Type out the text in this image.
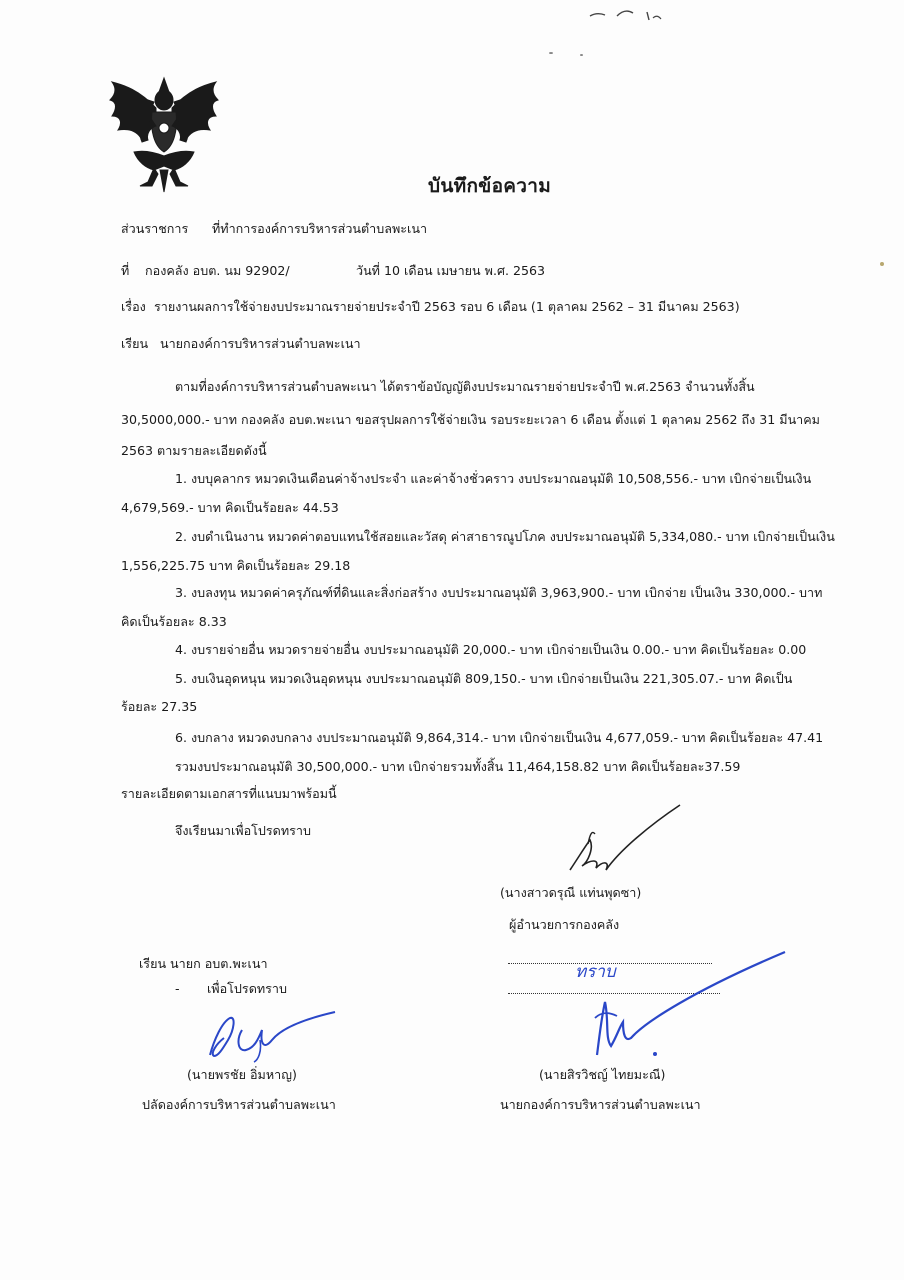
บันทึกข้อความ
ส่วนราชการ ที่ทำการองค์การบริหารส่วนตำบลพะเนา
ที่ กองคลัง อบต. นม 92902/	วันที่ 10 เดือน เมษายน พ.ศ. 2563
เรื่อง รายงานผลการใช้จ่ายงบประมาณรายจ่ายประจำปี 2563 รอบ 6 เดือน (1 ตุลาคม 2562 – 31 มีนาคม 2563)
เรียน นายกองค์การบริหารส่วนตำบลพะเนา
ตามที่องค์การบริหารส่วนตำบลพะเนา ได้ตราข้อบัญญัติงบประมาณรายจ่ายประจำปี พ.ศ.2563 จำนวนทั้งสิ้น
30,5000,000.- บาท กองคลัง อบต.พะเนา ขอสรุปผลการใช้จ่ายเงิน รอบระยะเวลา 6 เดือน ตั้งแต่ 1 ตุลาคม 2562 ถึง 31 มีนาคม
2563 ตามรายละเอียดดังนี้
1. งบบุคลากร หมวดเงินเดือนค่าจ้างประจำ และค่าจ้างชั่วคราว งบประมาณอนุมัติ 10,508,556.- บาท เบิกจ่ายเป็นเงิน
4,679,569.- บาท คิดเป็นร้อยละ 44.53
2. งบดำเนินงาน หมวดค่าตอบแทนใช้สอยและวัสดุ ค่าสาธารณูปโภค งบประมาณอนุมัติ 5,334,080.- บาท เบิกจ่ายเป็นเงิน
1,556,225.75 บาท คิดเป็นร้อยละ 29.18
3. งบลงทุน หมวดค่าครุภัณฑ์ที่ดินและสิ่งก่อสร้าง งบประมาณอนุมัติ 3,963,900.- บาท เบิกจ่าย เป็นเงิน 330,000.- บาท
คิดเป็นร้อยละ 8.33
4. งบรายจ่ายอื่น หมวดรายจ่ายอื่น งบประมาณอนุมัติ 20,000.- บาท เบิกจ่ายเป็นเงิน 0.00.- บาท คิดเป็นร้อยละ 0.00
5. งบเงินอุดหนุน หมวดเงินอุดหนุน งบประมาณอนุมัติ 809,150.- บาท เบิกจ่ายเป็นเงิน 221,305.07.- บาท คิดเป็น
ร้อยละ 27.35
6. งบกลาง หมวดงบกลาง งบประมาณอนุมัติ 9,864,314.- บาท เบิกจ่ายเป็นเงิน 4,677,059.- บาท คิดเป็นร้อยละ 47.41
รวมงบประมาณอนุมัติ 30,500,000.- บาท เบิกจ่ายรวมทั้งสิ้น 11,464,158.82 บาท คิดเป็นร้อยละ37.59
รายละเอียดตามเอกสารที่แนบมาพร้อมนี้
จึงเรียนมาเพื่อโปรดทราบ
(นางสาวดรุณี แท่นพุดซา)
ผู้อำนวยการกองคลัง
เรียน นายก อบต.พะเนา
- เพื่อโปรดทราบ
(นายพรชัย อิ่มหาญ)
ปลัดองค์การบริหารส่วนตำบลพะเนา
ทราบ
(นายสิรวิชญ์ ไทยมะณี)
นายกองค์การบริหารส่วนตำบลพะเนา
